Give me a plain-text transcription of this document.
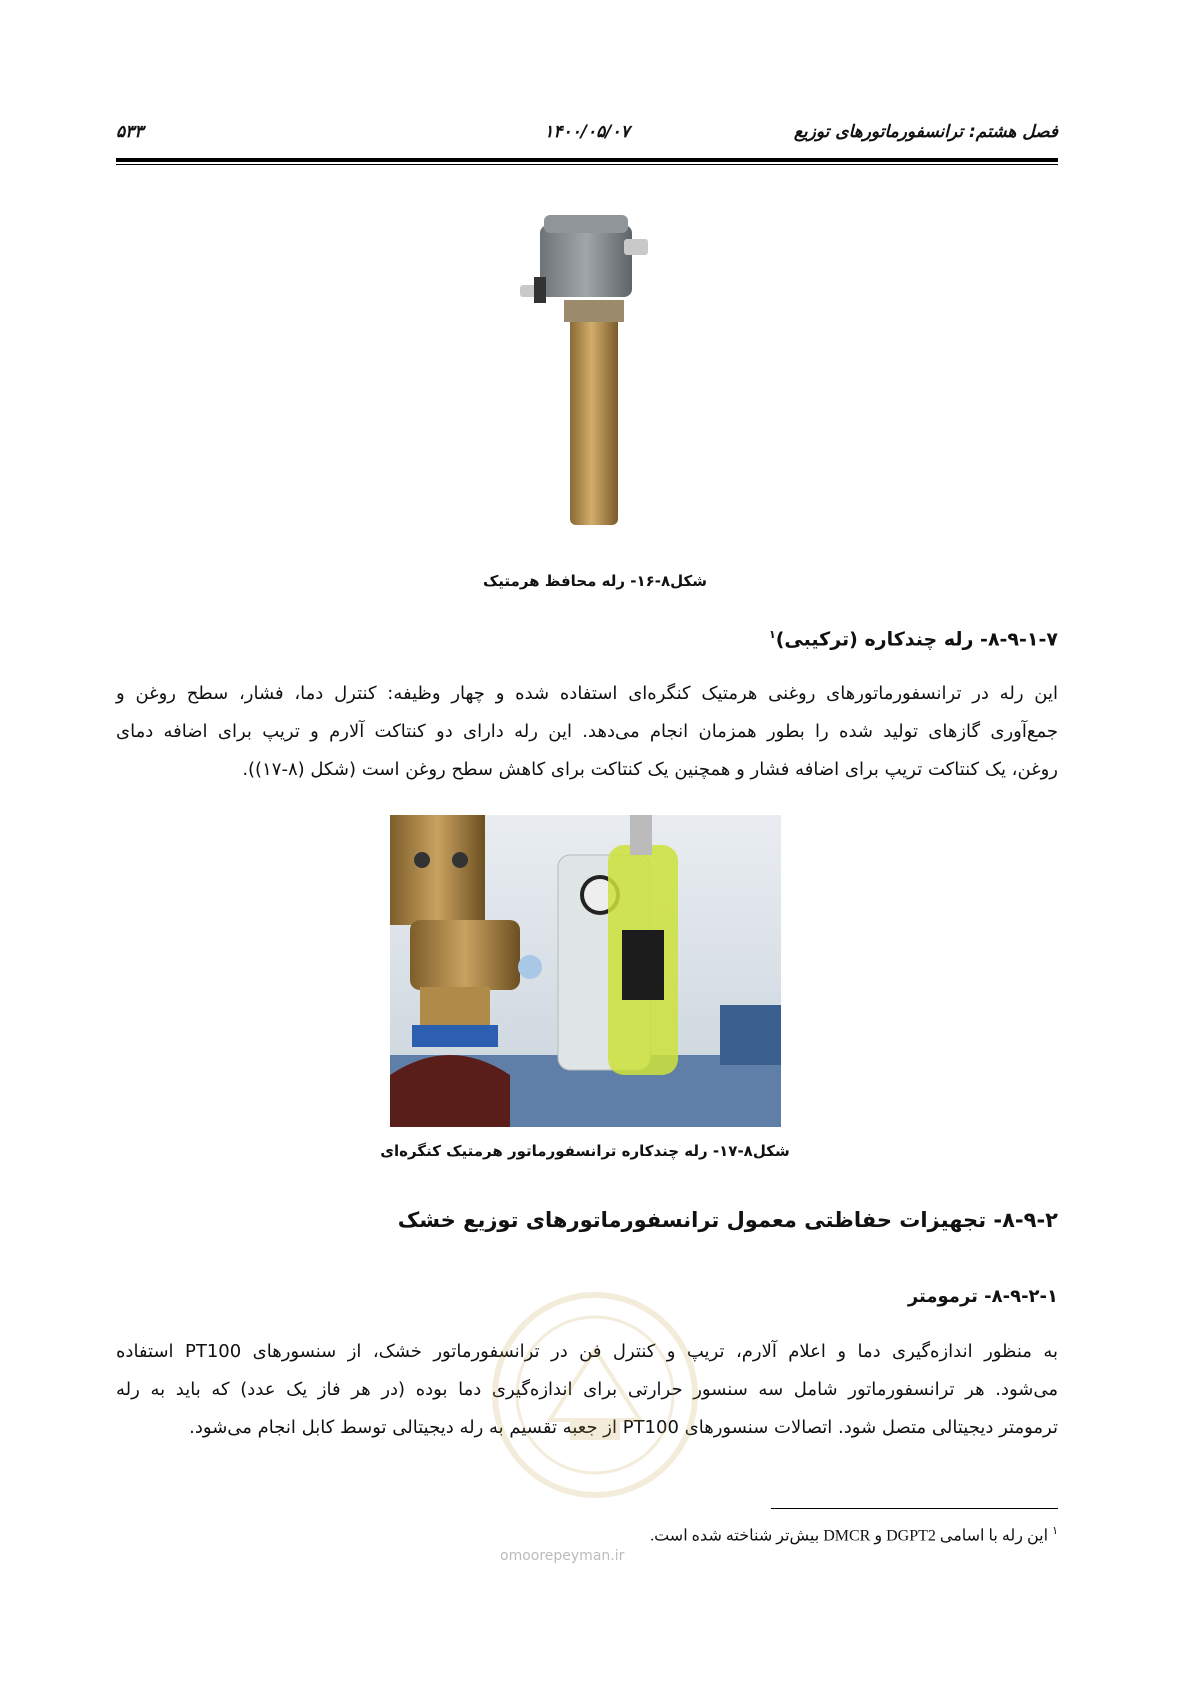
فصل هشتم: ترانسفورماتورهای توزیع
۱۴۰۰/۰۵/۰۷
۵۳۳
شکل۸-۱۶- رله محافظ هرمتیک
۸-۹-۱-۷- رله چندکاره (ترکیبی)$^۱$
این رله در ترانسفورماتورهای روغنی هرمتیک کنگره‌ای استفاده شده و چهار وظیفه: کنترل دما، فشار، سطح روغن و
جمع‌آوری گازهای تولید شده را بطور همزمان انجام می‌دهد. این رله دارای دو کنتاکت آلارم و تریپ برای اضافه دمای
روغن، یک کنتاکت تریپ برای اضافه فشار و همچنین یک کنتاکت برای کاهش سطح روغن است (شکل (۸-۱۷)).
شکل۸-۱۷- رله چندکاره ترانسفورماتور هرمتیک کنگره‌ای
۸-۹-۲- تجهیزات حفاظتی معمول ترانسفورماتورهای توزیع خشک
۸-۹-۲-۱- ترمومتر
به منظور اندازه‌گیری دما و اعلام آلارم، تریپ و کنترل فن در ترانسفورماتور خشک، از سنسورهای PT100 استفاده
می‌شود. هر ترانسفورماتور شامل سه سنسور حرارتی برای اندازه‌گیری دما بوده (در هر فاز یک عدد) که باید به رله
ترمومتر دیجیتالی متصل شود. اتصالات سنسورهای PT100 از جعبه تقسیم به رله دیجیتالی توسط کابل انجام می‌شود.
$^۱$ این رله با اسامی DGPT2 و DMCR بیش‌تر شناخته شده است.
omoorepeyman.ir
